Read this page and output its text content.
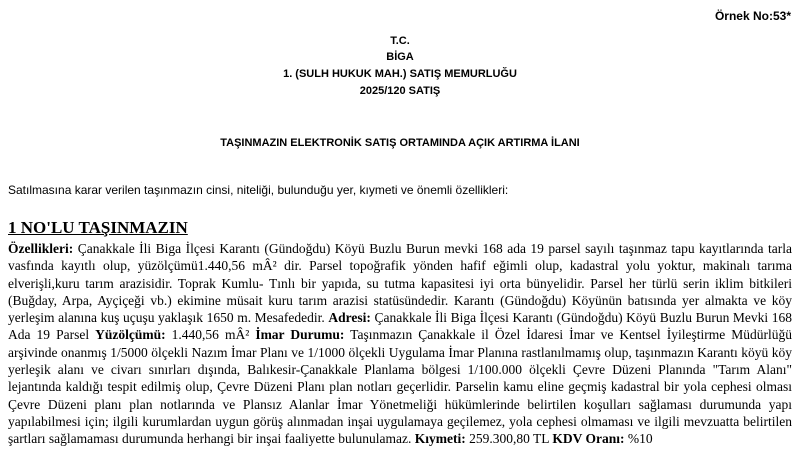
Örnek No:53*
T.C.
BİGA
1. (SULH HUKUK MAH.) SATIŞ MEMURLUĞU
2025/120 SATIŞ
TAŞINMAZIN ELEKTRONİK SATIŞ ORTAMINDA AÇIK ARTIRMA İLANI
Satılmasına karar verilen taşınmazın cinsi, niteliği, bulunduğu yer, kıymeti ve önemli özellikleri:
1 NO'LU TAŞINMAZIN
Özellikleri: Çanakkale İli Biga İlçesi Karantı (Gündoğdu) Köyü Buzlu Burun mevki 168 ada 19 parsel sayılı taşınmaz tapu kayıtlarında tarla vasfında kayıtlı olup, yüzölçümü1.440,56 mÂ² dir. Parsel topoğrafik yönden hafif eğimli olup, kadastral yolu yoktur, makinalı tarıma elverişli,kuru tarım arazisidir. Toprak Kumlu- Tınlı bir yapıda, su tutma kapasitesi iyi orta bünyelidir. Parsel her türlü serin iklim bitkileri (Buğday, Arpa, Ayçiçeği vb.) ekimine müsait kuru tarım arazisi statüsündedir. Karantı (Gündoğdu) Köyünün batısında yer almakta ve köy yerleşim alanına kuş uçuşu yaklaşık 1650 m. Mesafededir. Adresi: Çanakkale İli Biga İlçesi Karantı (Gündoğdu) Köyü Buzlu Burun Mevki 168 Ada 19 Parsel Yüzölçümü: 1.440,56 mÂ² İmar Durumu: Taşınmazın Çanakkale il Özel İdaresi İmar ve Kentsel İyileştirme Müdürlüğü arşivinde onanmış 1/5000 ölçekli Nazım İmar Planı ve 1/1000 ölçekli Uygulama İmar Planına rastlanılmamış olup, taşınmazın Karantı köyü köy yerleşik alanı ve civarı sınırları dışında, Balıkesir-Çanakkale Planlama bölgesi 1/100.000 ölçekli Çevre Düzeni Planında "Tarım Alanı" lejantında kaldığı tespit edilmiş olup, Çevre Düzeni Planı plan notları geçerlidir. Parselin kamu eline geçmiş kadastral bir yola cephesi olması Çevre Düzeni planı plan notlarında ve Plansız Alanlar İmar Yönetmeliği hükümlerinde belirtilen koşulları sağlaması durumunda yapı yapılabilmesi için; ilgili kurumlardan uygun görüş alınmadan inşai uygulamaya geçilemez, yola cephesi olmaması ve ilgili mevzuatta belirtilen şartları sağlamaması durumunda herhangi bir inşai faaliyette bulunulamaz. Kıymeti: 259.300,80 TL KDV Oranı: %10
